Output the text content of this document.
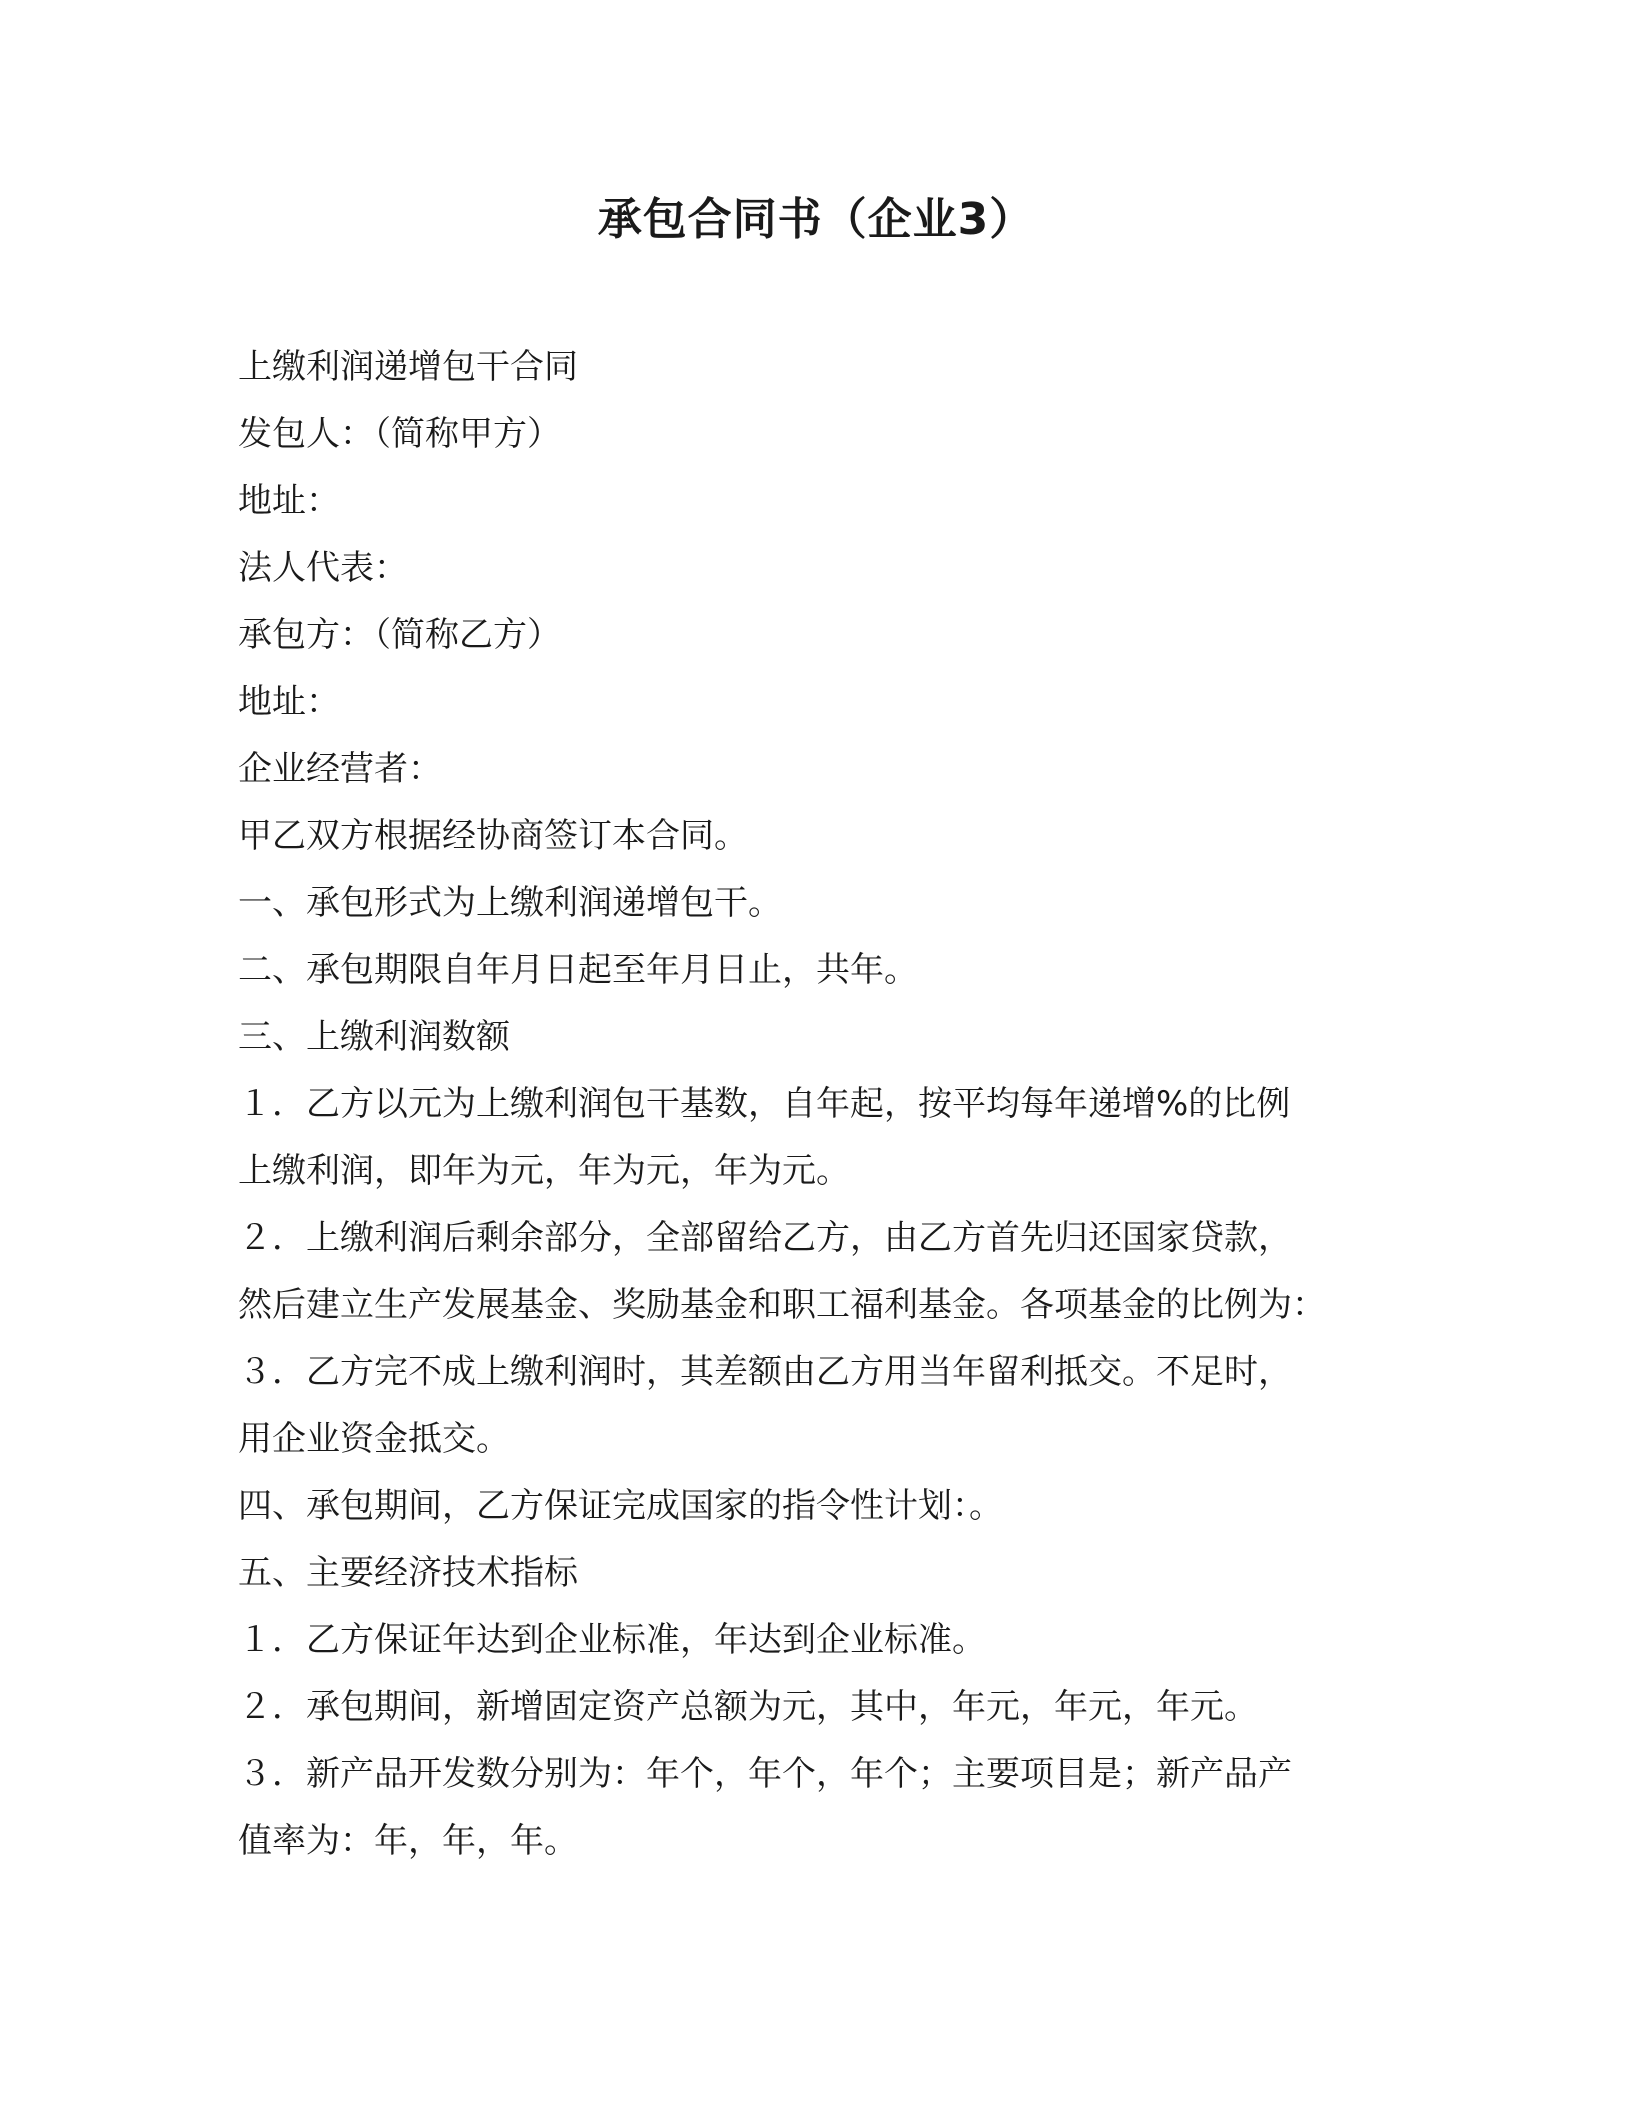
承包合同书（企业3）

上缴利润递增包干合同

发包人：（简称甲方）

地址：

法人代表：

承包方：（简称乙方）

地址：

企业经营者：

甲乙双方根据经协商签订本合同。

一、承包形式为上缴利润递增包干。

二、承包期限自年月日起至年月日止，共年。

三、上缴利润数额

１．乙方以元为上缴利润包干基数，自年起，按平均每年递增%的比例

上缴利润，即年为元，年为元，年为元。

２．上缴利润后剩余部分，全部留给乙方，由乙方首先归还国家贷款，

然后建立生产发展基金、奖励基金和职工福利基金。各项基金的比例为：

３．乙方完不成上缴利润时，其差额由乙方用当年留利抵交。不足时，

用企业资金抵交。

四、承包期间，乙方保证完成国家的指令性计划：。

五、主要经济技术指标

１．乙方保证年达到企业标准，年达到企业标准。

２．承包期间，新增固定资产总额为元，其中，年元，年元，年元。

３．新产品开发数分别为：年个，年个，年个；主要项目是；新产品产

值率为：年，年，年。
